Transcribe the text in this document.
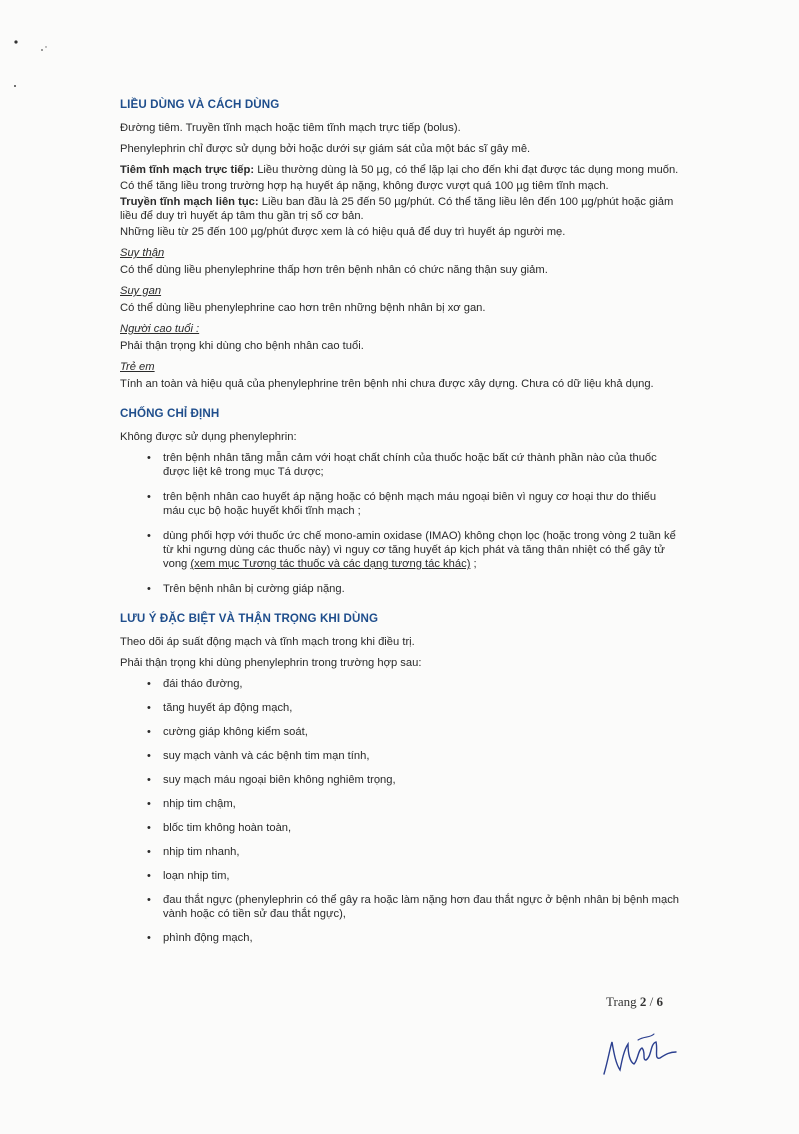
LIỀU DÙNG VÀ CÁCH DÙNG

Đường tiêm. Truyền tĩnh mạch hoặc tiêm tĩnh mạch trực tiếp (bolus).

Phenylephrin chỉ được sử dụng bởi hoặc dưới sự giám sát của một bác sĩ gây mê.

Tiêm tĩnh mạch trực tiếp: Liều thường dùng là 50 µg, có thể lặp lại cho đến khi đạt được tác dụng mong muốn.

Có thể tăng liều trong trường hợp hạ huyết áp nặng, không được vượt quá 100 µg tiêm tĩnh mạch.

Truyền tĩnh mạch liên tục: Liều ban đầu là 25 đến 50 µg/phút. Có thể tăng liều lên đến 100 µg/phút hoặc giảm liều để duy trì huyết áp tâm thu gần trị số cơ bản.

Những liều từ 25 đến 100 µg/phút được xem là có hiệu quả để duy trì huyết áp người mẹ.

Suy thận

Có thể dùng liều phenylephrine thấp hơn trên bệnh nhân có chức năng thận suy giảm.

Suy gan

Có thể dùng liều phenylephrine cao hơn trên những bệnh nhân bị xơ gan.

Người cao tuổi :

Phải thận trọng khi dùng cho bệnh nhân cao tuổi.

Trẻ em

Tính an toàn và hiệu quả của phenylephrine trên bệnh nhi chưa được xây dựng. Chưa có dữ liệu khả dụng.

CHỐNG CHỈ ĐỊNH

Không được sử dụng phenylephrin:

• trên bệnh nhân tăng mẫn cảm với hoạt chất chính của thuốc hoặc bất cứ thành phần nào của thuốc được liệt kê trong mục Tá dược;
• trên bệnh nhân cao huyết áp nặng hoặc có bệnh mạch máu ngoại biên vì nguy cơ hoại thư do thiếu máu cục bộ hoặc huyết khối tĩnh mạch ;
• dùng phối hợp với thuốc ức chế mono-amin oxidase (IMAO) không chọn lọc (hoặc trong vòng 2 tuần kể từ khi ngưng dùng các thuốc này) vì nguy cơ tăng huyết áp kịch phát và tăng thân nhiệt có thể gây tử vong (xem mục Tương tác thuốc và các dạng tương tác khác) ;
• Trên bệnh nhân bị cường giáp nặng.
LƯU Ý ĐẶC BIỆT VÀ THẬN TRỌNG KHI DÙNG

Theo dõi áp suất động mạch và tĩnh mạch trong khi điều trị.

Phải thận trọng khi dùng phenylephrin trong trường hợp sau:

• đái tháo đường,
• tăng huyết áp động mạch,
• cường giáp không kiểm soát,
• suy mạch vành và các bệnh tim mạn tính,
• suy mạch máu ngoại biên không nghiêm trọng,
• nhịp tim chậm,
• blốc tim không hoàn toàn,
• nhịp tim nhanh,
• loạn nhịp tim,
• đau thắt ngực (phenylephrin có thể gây ra hoặc làm nặng hơn đau thắt ngực ở bệnh nhân bị bệnh mạch vành hoặc có tiền sử đau thắt ngực),
• phình động mạch,
Trang 2 / 6
